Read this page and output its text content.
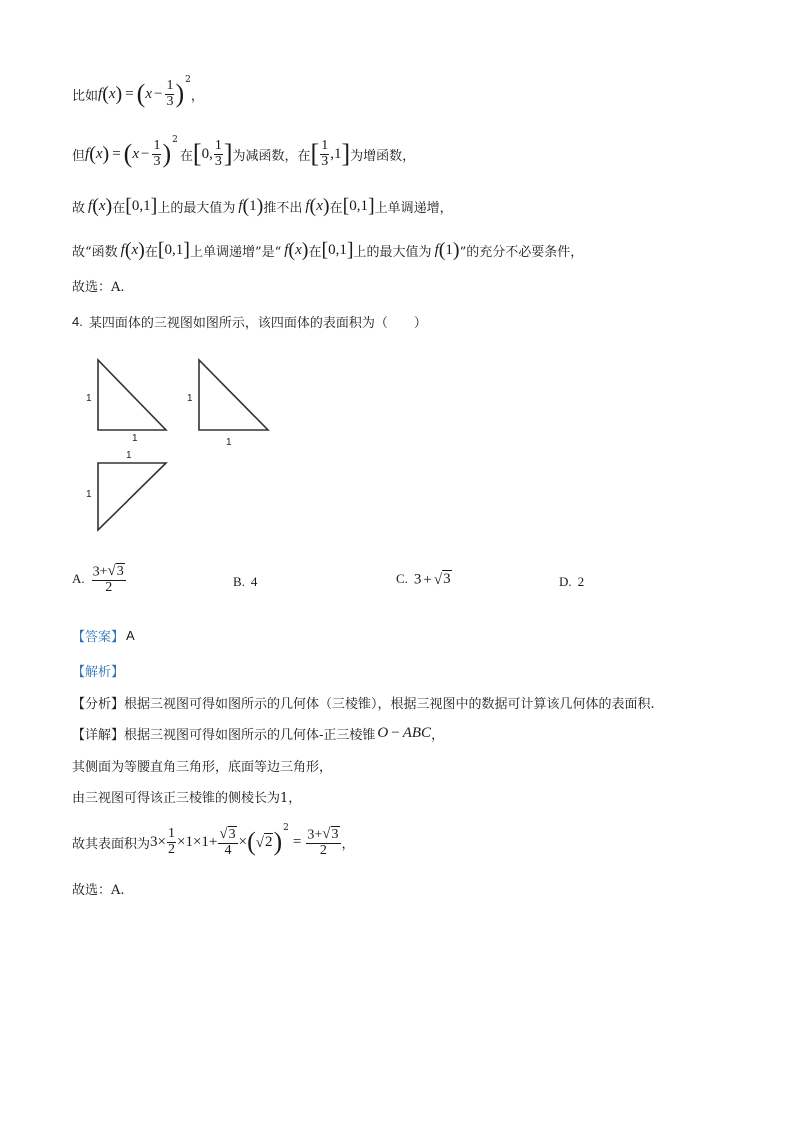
比如 f ( x ) = ( $x - \frac{1}{3}$ ) 2
，
但 f ( x ) = ( $x - \frac{1}{3}$ ) 2
在 [ 0 , $\frac{1}{3}$ ] 为减函数，在 [ $\frac{1}{3}$ , 1 ] 为增函数，
故 f ( x ) 在 [ 0,1 ] 上的最大值为 f ( 1 ) 推不出 f ( x ) 在 [ 0,1 ] 上单调递增，
故“函数 f ( x ) 在 [ 0,1 ] 上单调递增”是“ f ( x ) 在 [ 0,1 ] 上的最大值为 f ( 1 ) ”的充分不必要条件，
故选：A.
4. 某四面体的三视图如图所示，该四面体的表面积为（　　）
1
1
1
1
1
1
A. $\frac{3+ √ 3}{2}$	B. 4	C. 3 + √ 3	D. 2
【答案】 A
【解析】
【分析】 根据三视图可得如图所示的几何体（三棱锥），根据三视图中的数据可计算该几何体的表面积.
【详解】 根据三视图可得如图所示的几何体-正三棱锥 O − ABC ，
其侧面为等腰直角三角形，底面等边三角形，
由三视图可得该正三棱锥的侧棱长为1，
故其表面积为 $3 \times \frac{1}{2} \times 1\times 1+ \frac{√ 3}{4}$ × ( √ 2 ) 2
= $\frac{3+ √ 3}{2}$ ，
故选：A.
